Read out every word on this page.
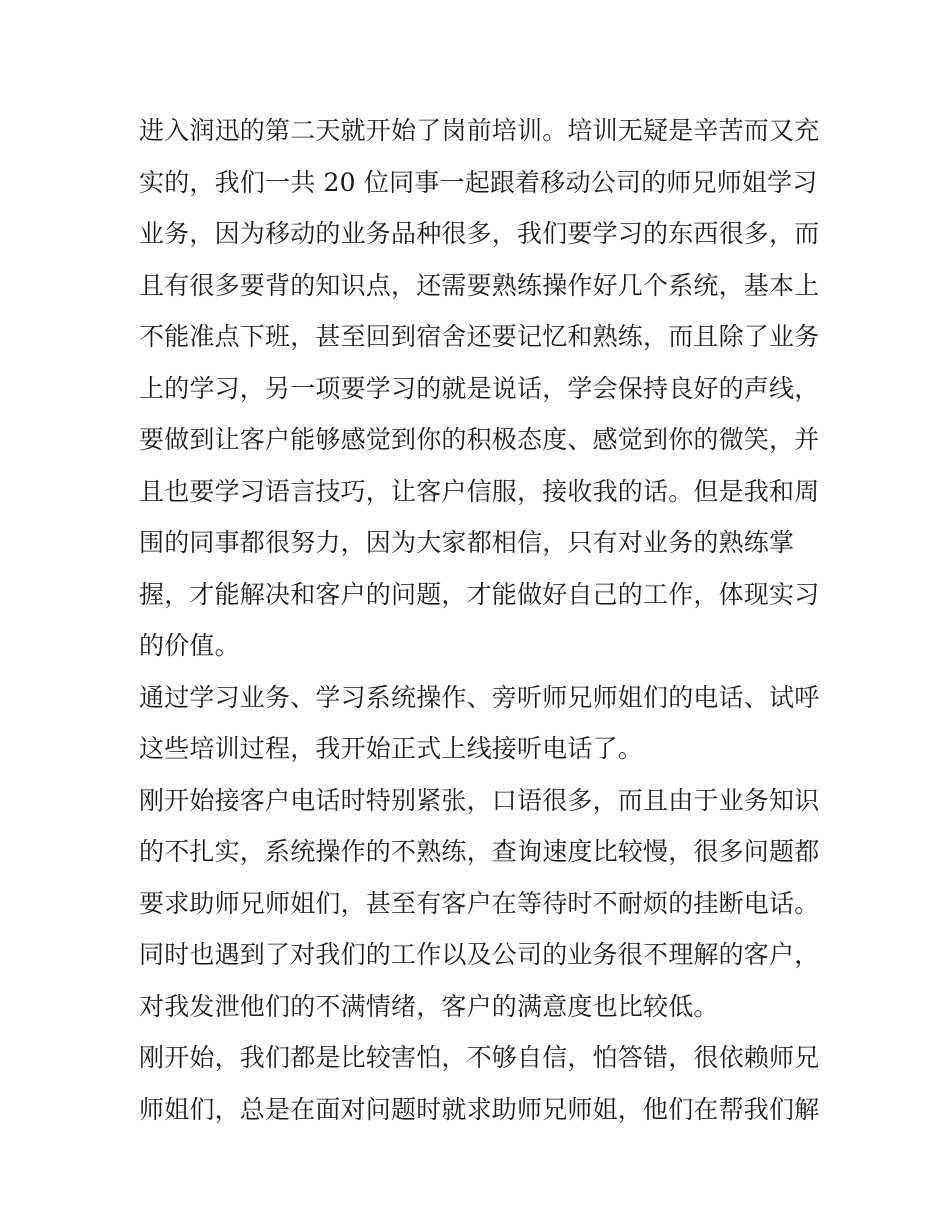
进入润迅的第二天就开始了岗前培训。培训无疑是辛苦而又充
实的，我们一共 20 位同事一起跟着移动公司的师兄师姐学习
业务，因为移动的业务品种很多，我们要学习的东西很多，而
且有很多要背的知识点，还需要熟练操作好几个系统，基本上
不能准点下班，甚至回到宿舍还要记忆和熟练，而且除了业务
上的学习，另一项要学习的就是说话，学会保持良好的声线，
要做到让客户能够感觉到你的积极态度、感觉到你的微笑，并
且也要学习语言技巧，让客户信服，接收我的话。但是我和周
围的同事都很努力，因为大家都相信，只有对业务的熟练掌
握，才能解决和客户的问题，才能做好自己的工作，体现实习
的价值。
通过学习业务、学习系统操作、旁听师兄师姐们的电话、试呼
这些培训过程，我开始正式上线接听电话了。
刚开始接客户电话时特别紧张，口语很多，而且由于业务知识
的不扎实，系统操作的不熟练，查询速度比较慢，很多问题都
要求助师兄师姐们，甚至有客户在等待时不耐烦的挂断电话。
同时也遇到了对我们的工作以及公司的业务很不理解的客户，
对我发泄他们的不满情绪，客户的满意度也比较低。
刚开始，我们都是比较害怕，不够自信，怕答错，很依赖师兄
师姐们，总是在面对问题时就求助师兄师姐，他们在帮我们解
